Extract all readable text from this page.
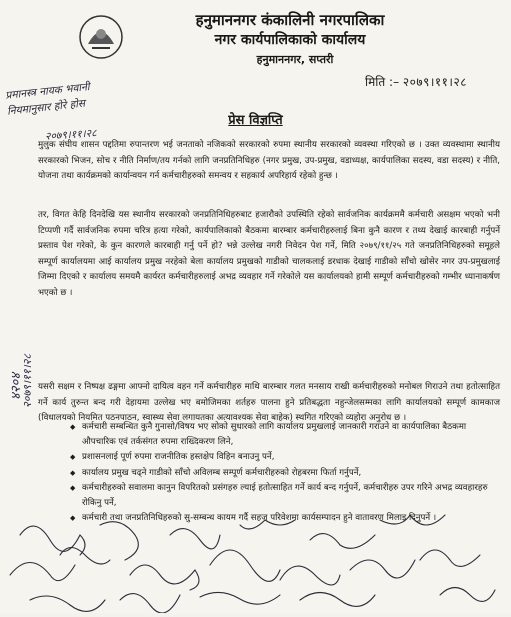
हनुमाननगर कंकालिनी नगरपालिका
नगर कार्यपालिकाको कार्यालय
हनुमाननगर, सप्तरी
मिति :– २०७९।११।२८
प्रमानस्त्र नायक भवानी नियमानुसार होरे होस
२०७९।११।२८
प्रेस विज्ञप्ति
४२०४
२०७९।११।२८
मुलुक संघीय शासन पद्दतिमा रुपान्तरण भई जनताको नजिकको सरकारको रुपमा स्थानीय सरकारको व्यवस्था गरिएको छ । उक्त व्यवस्थामा स्थानीय सरकारको भिजन, सोच र नीति निर्माण/तय गर्नको लागि जनप्रतिनिधिहरु (नगर प्रमुख, उप-प्रमुख, वडाध्यक्ष, कार्यपालिका सदस्य, वडा सदस्य) र नीति, योजना तथा कार्यक्रमको कार्यान्वयन गर्न कर्मचारीहरुको समन्वय र सहकार्य अपरिहार्य रहेको हुन्छ ।
तर, विगत केहि दिनदेखि यस स्थानीय सरकारको जनप्रतिनिधिहरुबाट हजारौको उपस्थिति रहेको सार्वजनिक कार्यक्रममै कर्मचारी असक्षम भएको भनी टिप्पणी गर्दै सार्वजनिक रुपमा चरित्र हत्या गरेको, कार्यपालिकाको बैठकमा बारम्बार कर्मचारीहरुलाई बिना कुनै कारण र तथ्य देखाई कारबाही गर्नुपर्ने प्रस्ताव पेश गरेको, के कुन कारणले कारबाही गर्नु पर्ने हो? भन्ने उल्लेख नगरी निवेदन पेश गर्ने, मिति २०७९/११/२५ गते जनप्रतिनिधिहरुको समूहले सम्पूर्ण कार्यालयमा आई कार्यालय प्रमुख नरहेको बेला कार्यालय प्रमुखको गाडीको चालकलाई डरधाक देखाई गाडीको साँचो खोसेर नगर उप-प्रमुखलाई जिम्मा दिएको र कार्यालय समयमै कार्यरत कर्मचारीहरुलाई अभद्र व्यवहार गर्ने गरेकोले यस कार्यालयको हामी सम्पूर्ण कर्मचारीहरुको गम्भीर ध्यानाकर्षण भएको छ ।
यसरी सक्षम र निष्पक्ष ढङ्गमा आफ्नो दायित्व वहन गर्ने कर्मचारीहरु माथि बारम्बार गलत मनसाय राखी कर्मचारीहरुको मनोबल गिराउने तथा हतोत्साहित गर्ने कार्य तुरुन्त बन्द गरी देहायमा उल्लेख भए बमोजिमका शर्तहरु पालना हुने प्रतिबद्धता नहुन्जेलसम्मका लागि कार्यालयको सम्पूर्ण कामकाज (विधालयको नियमित पठनपाठन, स्वास्थ्य सेवा लगायतका अत्यावश्यक सेवा बाहेक) स्थगित गरिएको व्यहोरा अनुरोध छ ।
◆ कर्मचारी सम्बन्धित कुनै गुनासो/विषय भए सोको सुधारको लागि कार्यालय प्रमुखलाई जानकारी गराउने वा कार्यपालिका बैठकमा औपचारिक एवं तर्कसंगत रुपमा राख्दिकरण लिने,
◆ प्रशासनलाई पूर्ण रुपमा राजनीतिक हस्तक्षेप विहिन बनाउनु पर्ने,
◆ कार्यालय प्रमुख चढ्ने गाडीको साँचो अविलम्ब सम्पूर्ण कर्मचारीहरुको रोहबरमा फिर्ता गर्नुपर्ने,
◆ कर्मचारीहरुको सवालमा कानुन विपरितको प्रसंगहरु ल्याई हतोत्साहित गर्ने कार्य बन्द गर्नुपर्ने, कर्मचारीहरु उपर गरिने अभद्र व्यवहारहरु रोकिनु पर्ने,
◆ कर्मचारी तथा जनप्रतिनिधिहरुको सु-सम्बन्ध कायम गर्दै सहज परिवेशमा कार्यसम्पादन हुने वातावरण मिलाइ दिनुपर्ने ।
